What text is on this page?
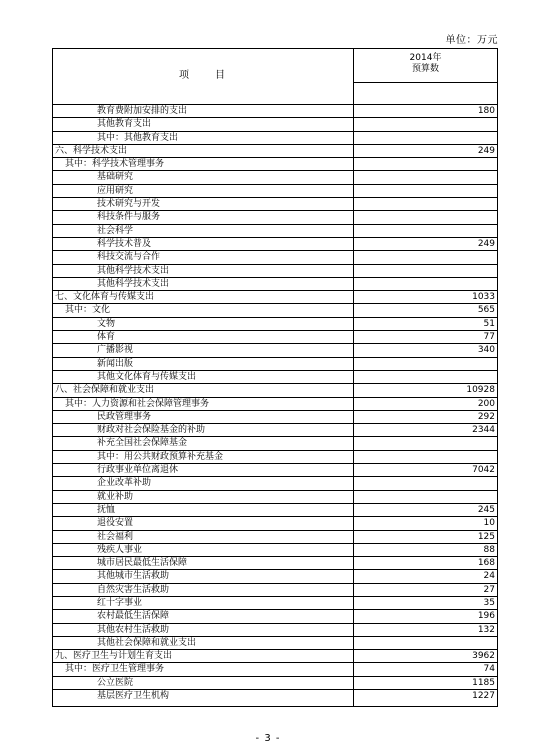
单位：万元
项　　目
2014年
预算数
教育费附加安排的支出	180
其他教育支出
其中：其他教育支出
六、科学技术支出	249
其中：科学技术管理事务
基础研究
应用研究
技术研究与开发
科技条件与服务
社会科学
科学技术普及	249
科技交流与合作
其他科学技术支出
其他科学技术支出
七、文化体育与传媒支出	1033
其中：文化	565
文物	51
体育	77
广播影视	340
新闻出版
其他文化体育与传媒支出
八、社会保障和就业支出	10928
其中：人力资源和社会保障管理事务	200
民政管理事务	292
财政对社会保险基金的补助	2344
补充全国社会保障基金
其中：用公共财政预算补充基金
行政事业单位离退休	7042
企业改革补助
就业补助
抚恤	245
退役安置	10
社会福利	125
残疾人事业	88
城市居民最低生活保障	168
其他城市生活救助	24
自然灾害生活救助	27
红十字事业	35
农村最低生活保障	196
其他农村生活救助	132
其他社会保障和就业支出
九、医疗卫生与计划生育支出	3962
其中：医疗卫生管理事务	74
公立医院	1185
基层医疗卫生机构	1227
- 3 -
